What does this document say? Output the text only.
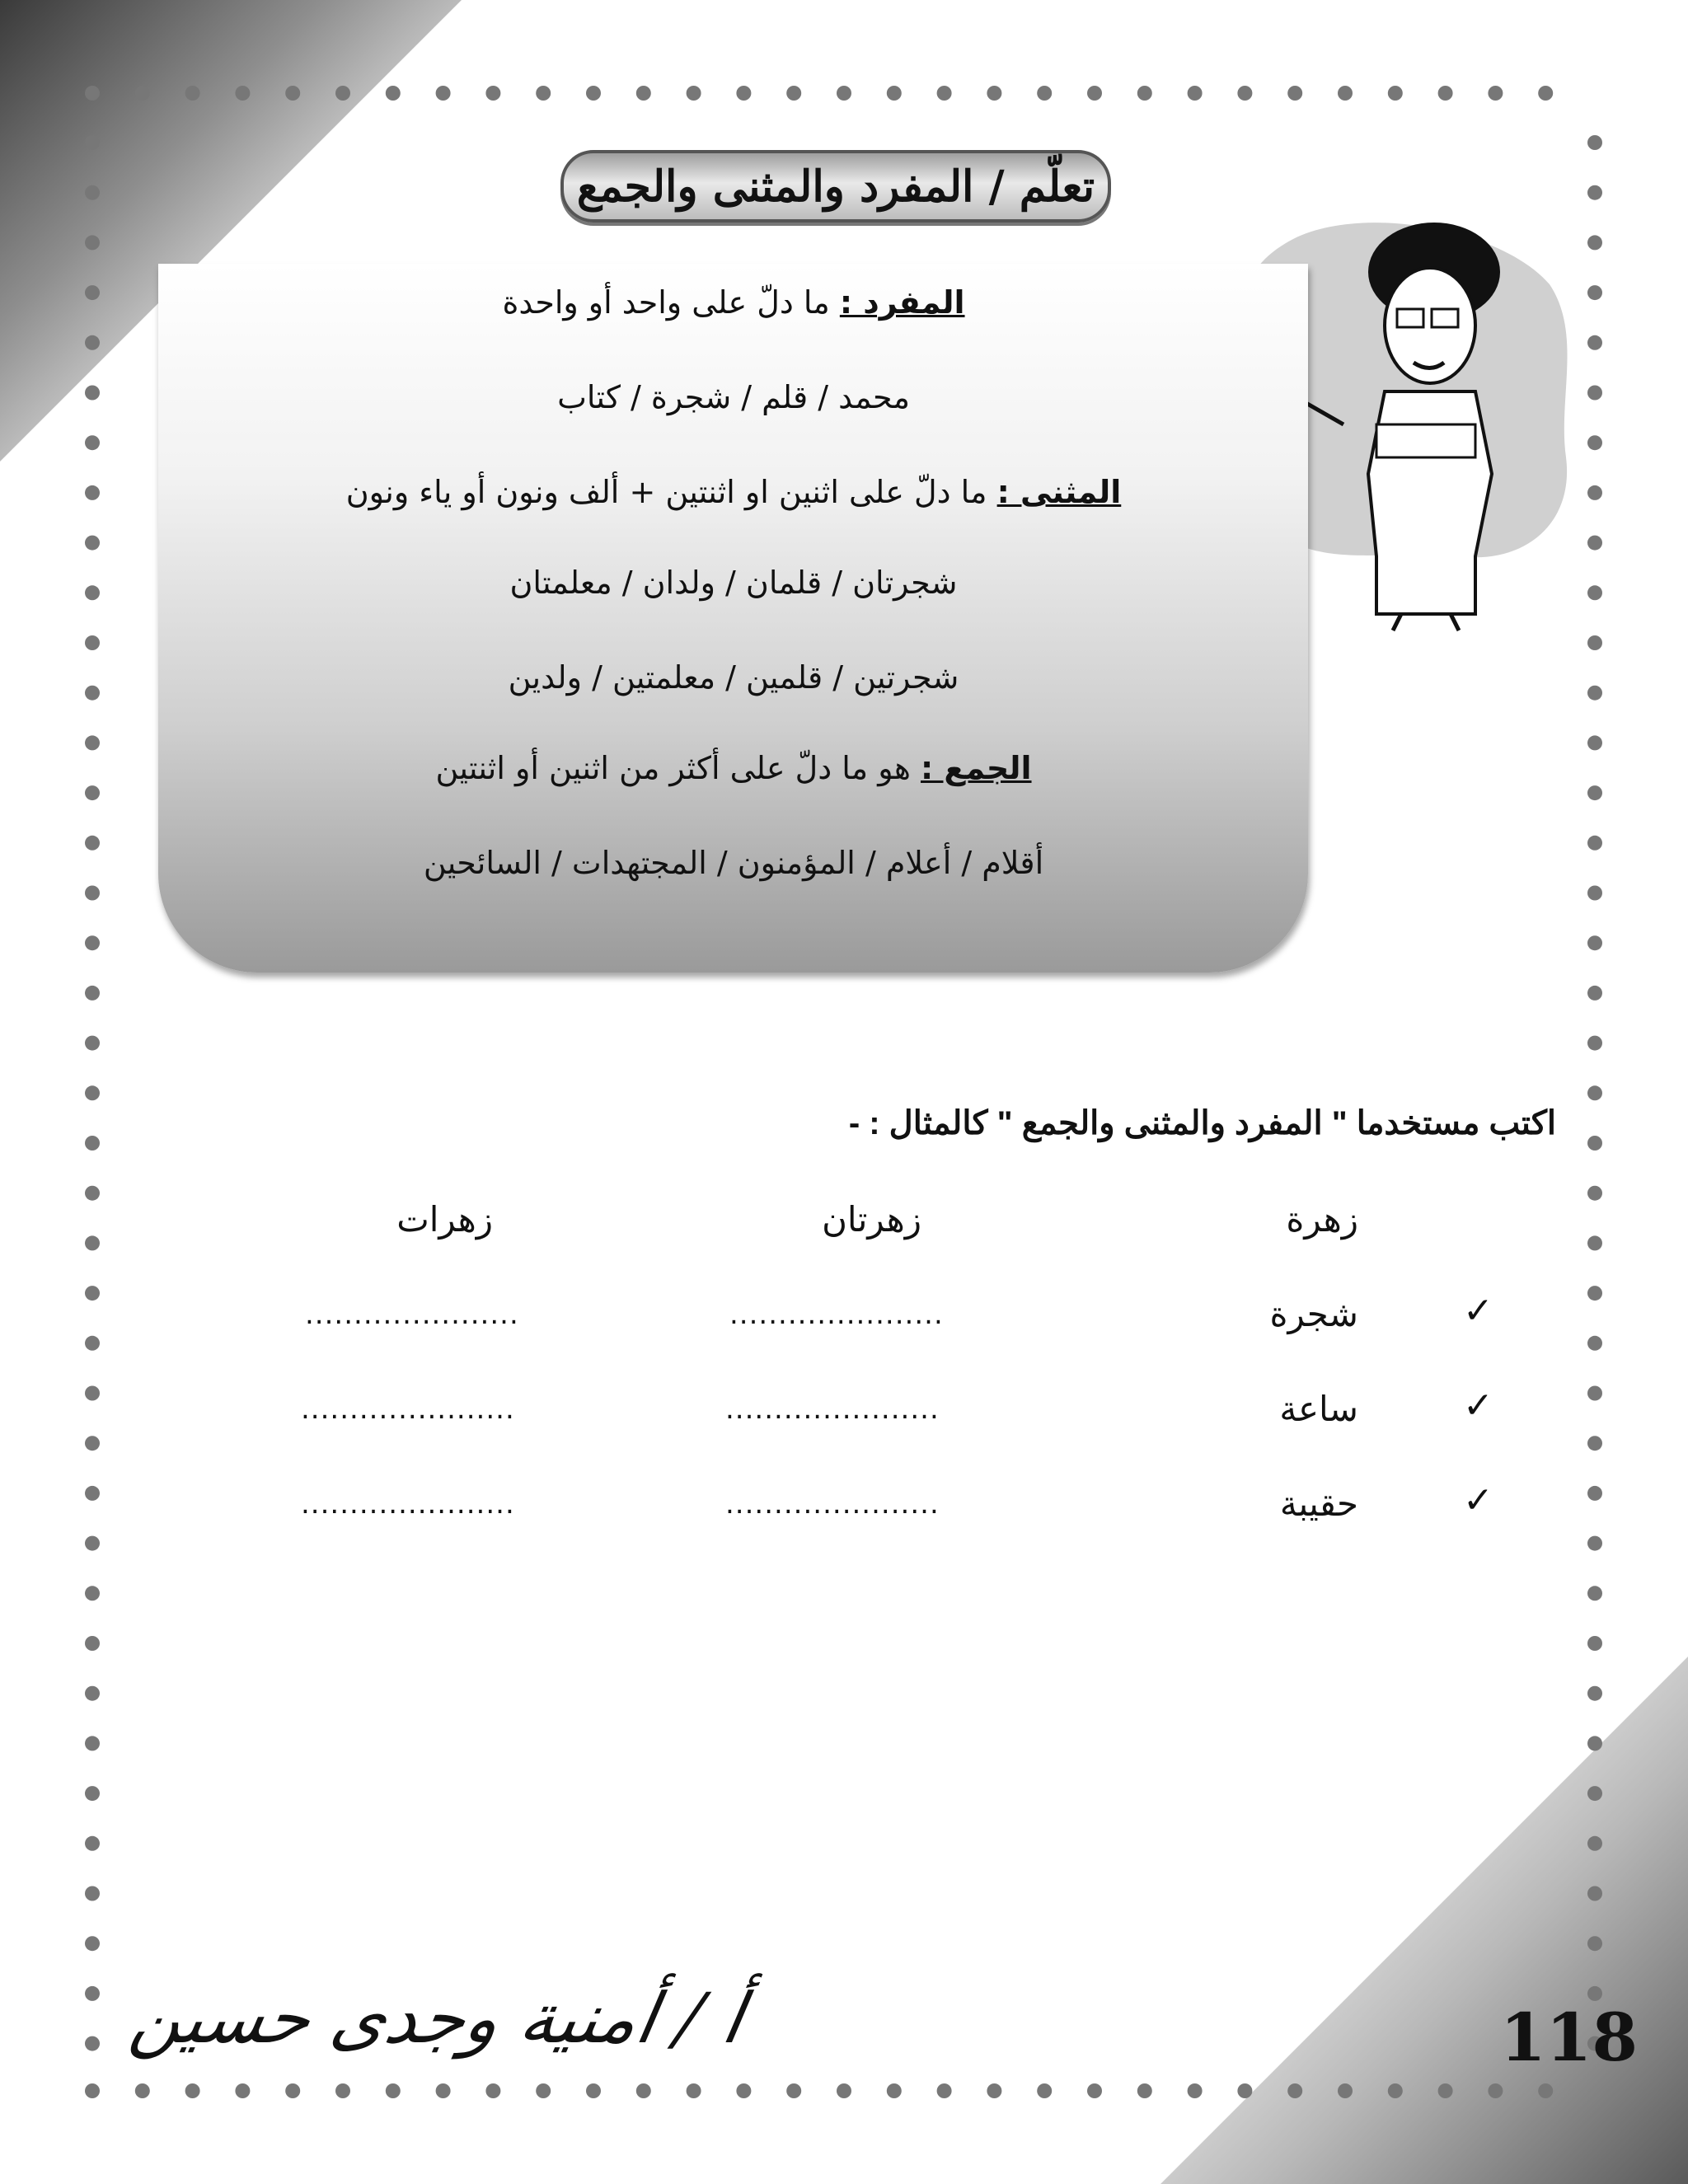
تعلّم / المفرد والمثنى والجمع
المفرد : ما دلّ على واحد أو واحدة
محمد / قلم / شجرة / كتاب
المثنى : ما دلّ على اثنين او اثنتين + ألف ونون أو ياء ونون
شجرتان / قلمان / ولدان / معلمتان
شجرتين / قلمين / معلمتين / ولدين
الجمع : هو ما دلّ على أكثر من اثنين أو اثنتين
أقلام / أعلام / المؤمنون / المجتهدات / السائحين
اكتب مستخدما " المفرد والمثنى والجمع " كالمثال : -
زهرة
زهرتان
زهرات
✓
شجرة
......................
......................
✓
ساعة
......................
......................
✓
حقيبة
......................
......................
أ / أمنية وجدى حسين	118
